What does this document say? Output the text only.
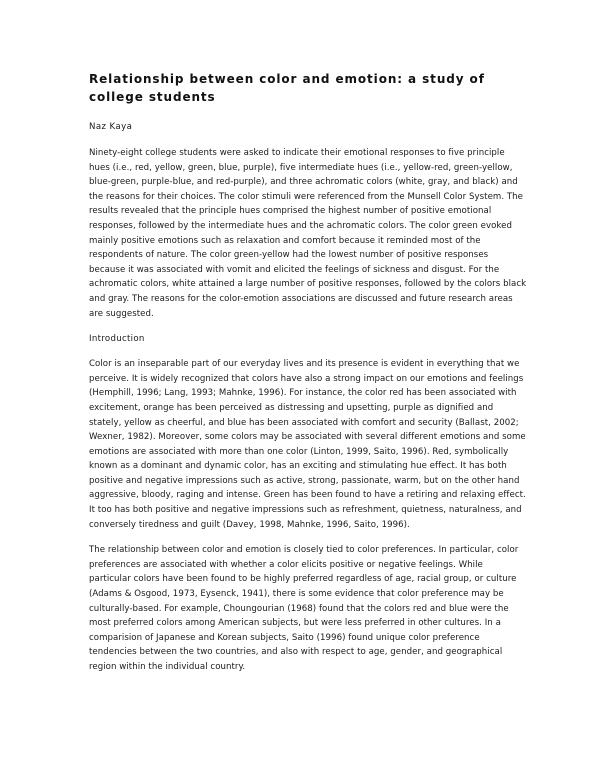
Relationship between color and emotion: a study of college students

Naz Kaya

Ninety-eight college students were asked to indicate their emotional responses to five principle hues (i.e., red, yellow, green, blue, purple), five intermediate hues (i.e., yellow-red, green-yellow, blue-green, purple-blue, and red-purple), and three achromatic colors (white, gray, and black) and the reasons for their choices. The color stimuli were referenced from the Munsell Color System. The results revealed that the principle hues comprised the highest number of positive emotional responses, followed by the intermediate hues and the achromatic colors. The color green evoked mainly positive emotions such as relaxation and comfort because it reminded most of the respondents of nature. The color green-yellow had the lowest number of positive responses because it was associated with vomit and elicited the feelings of sickness and disgust. For the achromatic colors, white attained a large number of positive responses, followed by the colors black and gray. The reasons for the color-emotion associations are discussed and future research areas are suggested.

Introduction

Color is an inseparable part of our everyday lives and its presence is evident in everything that we perceive. It is widely recognized that colors have also a strong impact on our emotions and feelings (Hemphill, 1996; Lang, 1993; Mahnke, 1996). For instance, the color red has been associated with excitement, orange has been perceived as distressing and upsetting, purple as dignified and stately, yellow as cheerful, and blue has been associated with comfort and security (Ballast, 2002; Wexner, 1982). Moreover, some colors may be associated with several different emotions and some emotions are associated with more than one color (Linton, 1999, Saito, 1996). Red, symbolically known as a dominant and dynamic color, has an exciting and stimulating hue effect. It has both positive and negative impressions such as active, strong, passionate, warm, but on the other hand aggressive, bloody, raging and intense. Green has been found to have a retiring and relaxing effect. It too has both positive and negative impressions such as refreshment, quietness, naturalness, and conversely tiredness and guilt (Davey, 1998, Mahnke, 1996, Saito, 1996).

The relationship between color and emotion is closely tied to color preferences. In particular, color preferences are associated with whether a color elicits positive or negative feelings. While particular colors have been found to be highly preferred regardless of age, racial group, or culture (Adams & Osgood, 1973, Eysenck, 1941), there is some evidence that color preference may be culturally-based. For example, Choungourian (1968) found that the colors red and blue were the most preferred colors among American subjects, but were less preferred in other cultures. In a comparision of Japanese and Korean subjects, Saito (1996) found unique color preference tendencies between the two countries, and also with respect to age, gender, and geographical region within the individual country.
